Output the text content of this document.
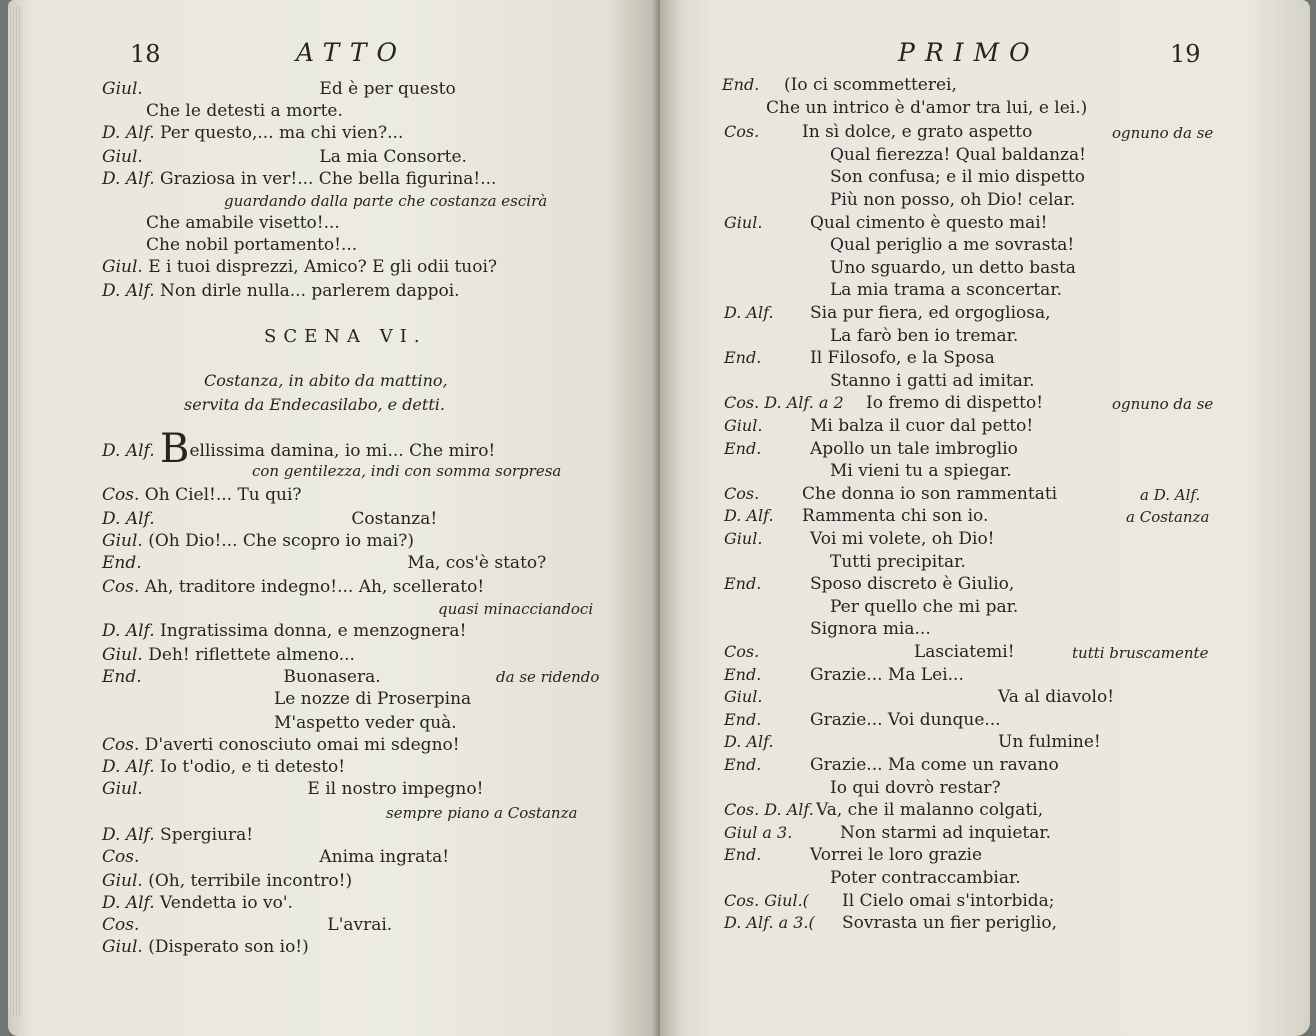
18	ATTO
Giul.	Ed è per questo
Che le detesti a morte.
D. Alf. Per questo,... ma chi vien?...
Giul.	La mia Consorte.
D. Alf. Graziosa in ver!... Che bella figurina!...
guardando dalla parte che costanza escirà
Che amabile visetto!...
Che nobil portamento!...
Giul. E i tuoi disprezzi, Amico? E gli odii tuoi?
D. Alf. Non dirle nulla... parlerem dappoi.
SCENA VI.
Costanza, in abito da mattino,
servita da Endecasilabo, e detti.
D. Alf. Bellissima damina, io mi... Che miro!
con gentilezza, indi con somma sorpresa
Cos. Oh Ciel!... Tu qui?
D. Alf.	Costanza!
Giul. (Oh Dio!... Che scopro io mai?)
End.	Ma, cos'è stato?
Cos. Ah, traditore indegno!... Ah, scellerato!
quasi minacciandoci
D. Alf. Ingratissima donna, e menzognera!
Giul. Deh! riflettete almeno...
End.	Buonasera.	da se ridendo
Le nozze di Proserpina
M'aspetto veder quà.
Cos. D'averti conosciuto omai mi sdegno!
D. Alf. Io t'odio, e ti detesto!
Giul.	E il nostro impegno!
sempre piano a Costanza
D. Alf. Spergiura!
Cos.	Anima ingrata!
Giul. (Oh, terribile incontro!)
D. Alf. Vendetta io vo'.
Cos.	L'avrai.
Giul. (Disperato son io!)
PRIMO	19
End. (Io ci scommetterei,
Che un intrico è d'amor tra lui, e lei.)
Cos.	In sì dolce, e grato aspetto	ognuno da se
Qual fierezza! Qual baldanza!
Son confusa; e il mio dispetto
Più non posso, oh Dio! celar.
Giul.	Qual cimento è questo mai!
Qual periglio a me sovrasta!
Uno sguardo, un detto basta
La mia trama a sconcertar.
D. Alf. Sia pur fiera, ed orgogliosa,
La farò ben io tremar.
End.	Il Filosofo, e la Sposa
Stanno i gatti ad imitar.
Cos. D. Alf. a 2 Io fremo di dispetto!	ognuno da se
Giul.	Mi balza il cuor dal petto!
End.	Apollo un tale imbroglio
Mi vieni tu a spiegar.
Cos.	Che donna io son rammentati	a D. Alf.
D. Alf. Rammenta chi son io.	a Costanza
Giul.	Voi mi volete, oh Dio!
Tutti precipitar.
End.	Sposo discreto è Giulio,
Per quello che mi par.
Signora mia...
Cos.	Lasciatemi!	tutti bruscamente
End.	Grazie... Ma Lei...
Giul.	Va al diavolo!
End.	Grazie... Voi dunque...
D. Alf.	Un fulmine!
End.	Grazie... Ma come un ravano
Io qui dovrò restar?
Cos. D. Alf. Va, che il malanno colgati,
Giul a 3.	Non starmi ad inquietar.
End.	Vorrei le loro grazie
Poter contraccambiar.
Cos. Giul.( Il Cielo omai s'intorbida;
D. Alf. a 3.( Sovrasta un fier periglio,
